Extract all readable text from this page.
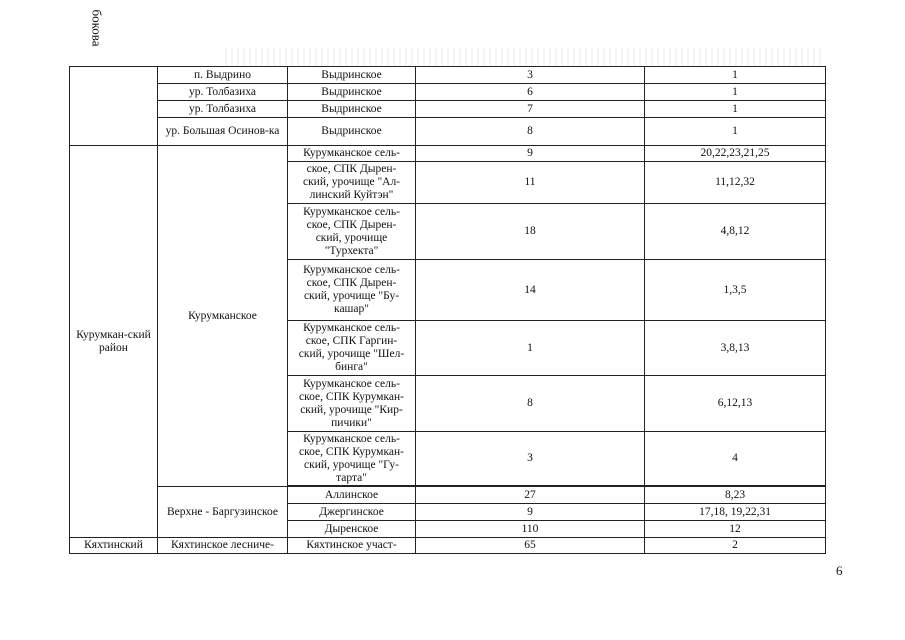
бокова
	п. Выдрино	Выдринское	3	1
	ур. Толбазиха	Выдринское	6	1
	ур. Толбазиха	Выдринское	7	1
	ур. Большая Осинов-ка	Выдринское	8	1
Курумкан-ский район	Курумканское	Курумканское сель-	9	20,22,23,21,25
		ское, СПК Дырен-ский, урочище "Ал-линский Куйтэн"	11	11,12,32
		Курумканское сель-ское, СПК Дырен-ский, урочище "Турхекта"	18	4,8,12
		Курумканское сель-ское, СПК Дырен-ский, урочище "Бу-кашар"	14	1,3,5
		Курумканское сель-ское, СПК Гаргин-ский, урочище "Шел-бинга"	1	3,8,13
		Курумканское сель-ское, СПК Курумкан-ский, урочище "Кир-пичики"	8	6,12,13
		Курумканское сель-ское, СПК Курумкан-ский, урочище "Гу-тарта"	3	4

	Верхне - Баргузинское	Аллинское	27	8,23
		Джергинское	9	17,18, 19,22,31
		Дыренское	110	12
Кяхтинский	Кяхтинское лесниче-	Кяхтинское участ-	65	2
6
